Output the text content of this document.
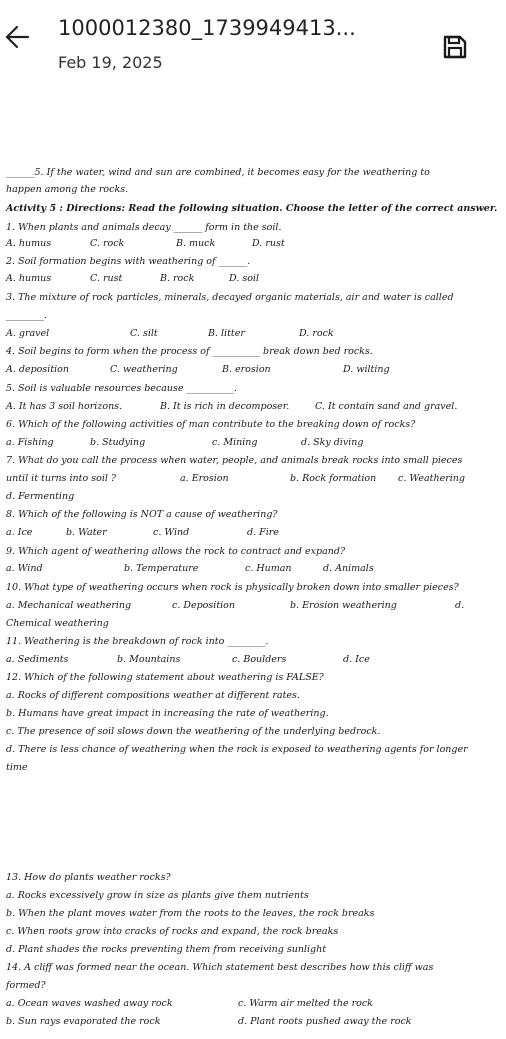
______5. If the water, wind and sun are combined, it becomes easy for the weathering to
happen among the rocks.
Activity 5 : Directions: Read the following situation. Choose the letter of the correct answer.
1. When plants and animals decay ______ form in the soil.
A. humus	C. rock	B. muck	D. rust
2. Soil formation begins with weathering of ______.
A. humus	C. rust	B. rock	D. soil
3. The mixture of rock particles, minerals, decayed organic materials, air and water is called
________.
A. gravel	C. silt	B. litter	D. rock
4. Soil begins to form when the process of __________ break down bed rocks.
A. deposition	C. weathering	B. erosion	D. wilting
5. Soil is valuable resources because __________.
A. It has 3 soil horizons.	B. It is rich in decomposer.	C. It contain sand and gravel.
6. Which of the following activities of man contribute to the breaking down of rocks?
a. Fishing	b. Studying	c. Mining	d. Sky diving
7. What do you call the process when water, people, and animals break rocks into small pieces
until it turns into soil ?	a. Erosion	b. Rock formation c. Weathering
d. Fermenting
8. Which of the following is NOT a cause of weathering?
a. Ice	b. Water	c. Wind	d. Fire
9. Which agent of weathering allows the rock to contract and expand?
a. Wind	b. Temperature	c. Human	d. Animals
10. What type of weathering occurs when rock is physically broken down into smaller pieces?
a. Mechanical weathering	c. Deposition	b. Erosion weathering	d.
Chemical weathering
11. Weathering is the breakdown of rock into ________.
a. Sediments	b. Mountains	c. Boulders	d. Ice
12. Which of the following statement about weathering is FALSE?
a. Rocks of different compositions weather at different rates.
b. Humans have great impact in increasing the rate of weathering.
c. The presence of soil slows down the weathering of the underlying bedrock.
d. There is less chance of weathering when the rock is exposed to weathering agents for longer
time
13. How do plants weather rocks?
a. Rocks excessively grow in size as plants give them nutrients
b. When the plant moves water from the roots to the leaves, the rock breaks
c. When roots grow into cracks of rocks and expand, the rock breaks
d. Plant shades the rocks preventing them from receiving sunlight
14. A cliff was formed near the ocean. Which statement best describes how this cliff was
formed?
a. Ocean waves washed away rock	c. Warm air melted the rock
b. Sun rays evaporated the rock	d. Plant roots pushed away the rock
1000012380_1739949413...
Feb 19, 2025
